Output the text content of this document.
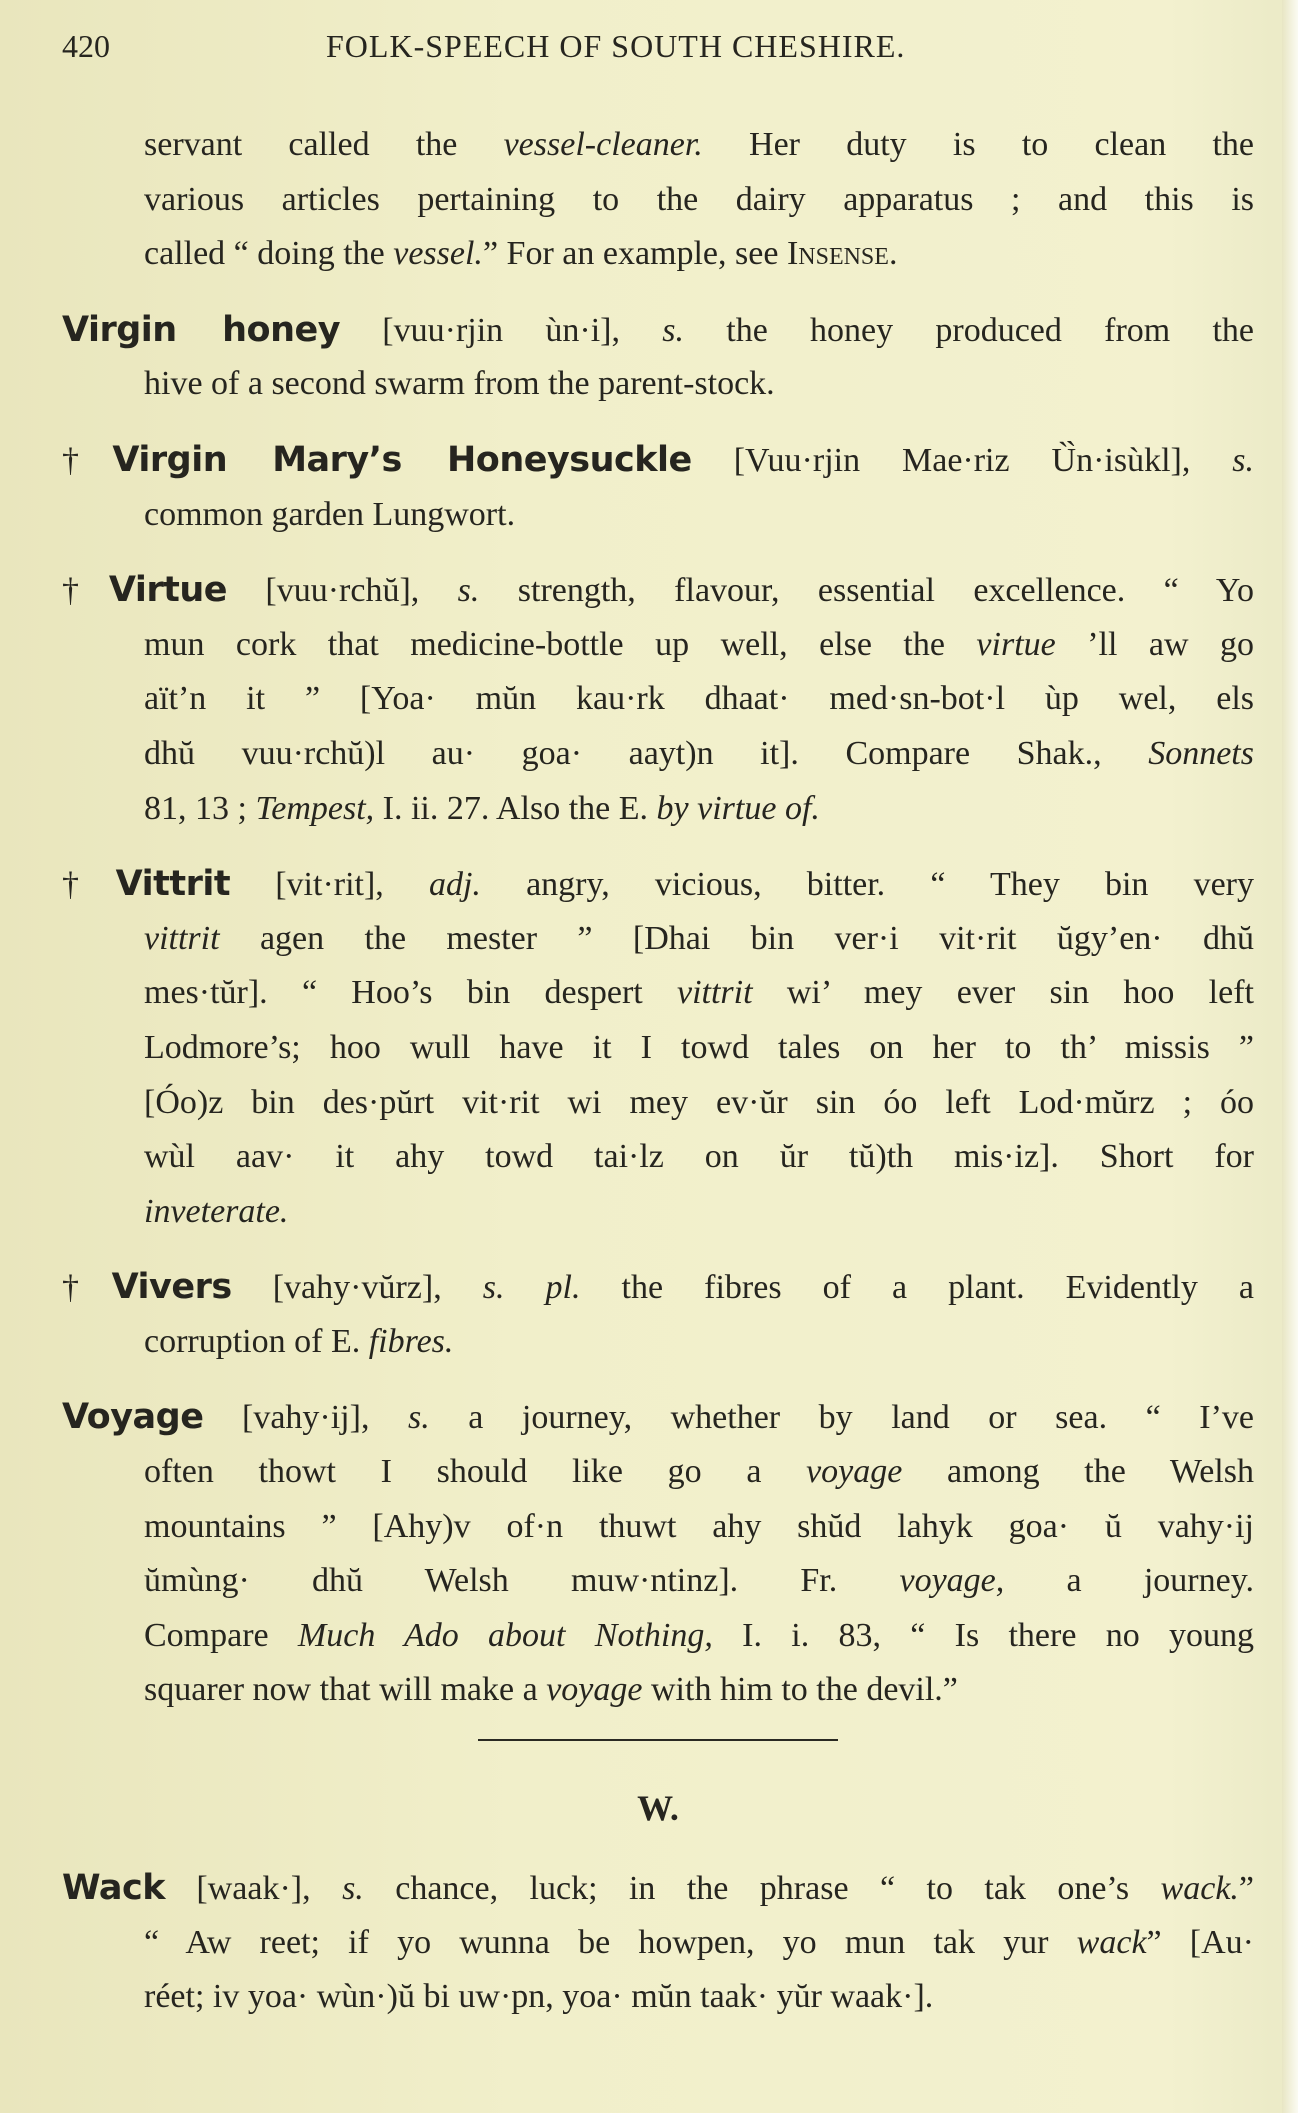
420	FOLK-SPEECH OF SOUTH CHESHIRE.
servant called the vessel-cleaner. Her duty is to clean the
various articles pertaining to the dairy apparatus ; and this is
called “ doing the vessel.” For an example, see Insense.
Virgin honey [vuu·rjin ùn·i], s. the honey produced from the
hive of a second swarm from the parent-stock.
†Virgin Mary’s Honeysuckle [Vuu·rjin Mae·riz Ù̀n·isùkl], s.
common garden Lungwort.
†Virtue [vuu·rchŭ], s. strength, flavour, essential excellence. “ Yo
mun cork that medicine-bottle up well, else the virtue ’ll aw go
aït’n it ” [Yoa· mŭn kau·rk dhaat· med·sn-bot·l ùp wel, els
dhŭ vuu·rchŭ)l au· goa· aayt)n it]. Compare Shak., Sonnets
81, 13 ; Tempest, I. ii. 27. Also the E. by virtue of.
†Vittrit [vit·rit], adj. angry, vicious, bitter. “ They bin very
vittrit agen the mester ” [Dhai bin ver·i vit·rit ŭgy’en· dhŭ
mes·tŭr]. “ Hoo’s bin despert vittrit wi’ mey ever sin hoo left
Lodmore’s; hoo wull have it I towd tales on her to th’ missis ”
[Óo)z bin des·pŭrt vit·rit wi mey ev·ŭr sin óo left Lod·mŭrz ; óo
wùl aav· it ahy towd tai·lz on ŭr tŭ)th mis·iz]. Short for
inveterate.
†Vivers [vahy·vŭrz], s. pl. the fibres of a plant. Evidently a
corruption of E. fibres.
Voyage [vahy·ij], s. a journey, whether by land or sea. “ I’ve
often thowt I should like go a voyage among the Welsh
mountains ” [Ahy)v of·n thuwt ahy shŭd lahyk goa· ŭ vahy·ij
ŭmùng· dhŭ Welsh muw·ntinz]. Fr. voyage, a journey.
Compare Much Ado about Nothing, I. i. 83, “ Is there no young
squarer now that will make a voyage with him to the devil.”
W.
Wack [waak·], s. chance, luck; in the phrase “ to tak one’s wack.”
“ Aw reet; if yo wunna be howpen, yo mun tak yur wack” [Au·
réet; iv yoa· wùn·)ŭ bi uw·pn, yoa· mŭn taak· yŭr waak·].
